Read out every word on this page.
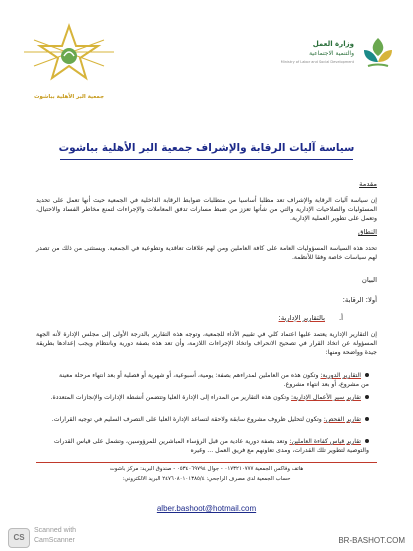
وزارة العمل
والتنمية الاجتماعية
Ministry of Labor and Social Development
جمعية البر الأهلية بباشوت
سياسة آليات الرقابة والإشراف جمعية البر الأهلية بباشوت
مقدمة
إن سياسة آليات الرقابة والإشراف تعد مطلبا أساسيا من متطلبات ضوابط الرقابة الداخلية في الجمعية حيث أنها تعمل على تحديد المسئوليات والصلاحيات الإدارية والتي من شأنها تعزز من ضبط مسارات تدفق المعاملات والإجراءات لتمنع مخاطر الفساد والاحتيال، وتعمل على تطوير العملية الإدارية.
النطاق
تحدد هذه السياسة المسؤوليات العامة على كافة العاملين ومن لهم علاقات تعاقدية وتطوعية في الجمعية. ويستثنى من ذلك من تصدر لهم سياسات خاصة وفقا للأنظمة.
البيان
أولا: الرقابة:
أ.
بالتقارير الإدارية:
إن التقارير الإدارية يعتمد عليها اعتماد كلي في تقييم الأداء للجمعية، وتوجه هذه التقارير بالدرجة الأولى إلى مجلس الإدارة لأنه الجهة المسؤولة عن اتخاذ القرار في تصحيح الانحراف واتخاذ الإجراءات اللازمة، وأن تعد هذه بصفة دورية وبانتظام ويجب إعدادها بطريقة جيدة وواضحة ومنها:
التقارير الدورية: وتكون هذه من العاملين لمدراءهم بصفة: يومية، أسبوعية، أو شهرية أو فصلية أو بعد انتهاء مرحلة معينة من مشروع، أو بعد انتهاء مشروع.
تقارير سير الأعمال الإدارية: وتكون هذه التقارير من المدراء إلى الإدارة العليا وتتضمن أنشطة الإدارات والإنجازات المتعددة.
تقارير الفحص: وتكون لتحليل ظروف مشروع سابقة ولاحقة لتساعد الإدارة العليا على التصرف السليم في توجيه القرارات.
تقارير قياس كفاءة العاملين: وتعد بصفة دورية عادية من قبل الرؤساء المباشرين للمرؤوسين، وتشمل على قياس القدرات والتوصية لتطوير تلك القدرات، ومدى تعاونهم مع فريق العمل ... وغيره
هاتف وفاكس الجمعية ٠١٧٣٢١٠٧٧٧ - جوال ٠٥٣٤٠٦٩٧٩٤ - صندوق البريد: مركز باشوت
حساب الجمعية لدى مصرف الراجحي: ٢٤٧٦٠٨٠١٠١٣٨٥/٤ البريد الالكتروني:
alber.bashoot@hotmail.com
CS
Scanned with
CamScanner	BR-BASHOT.COM
